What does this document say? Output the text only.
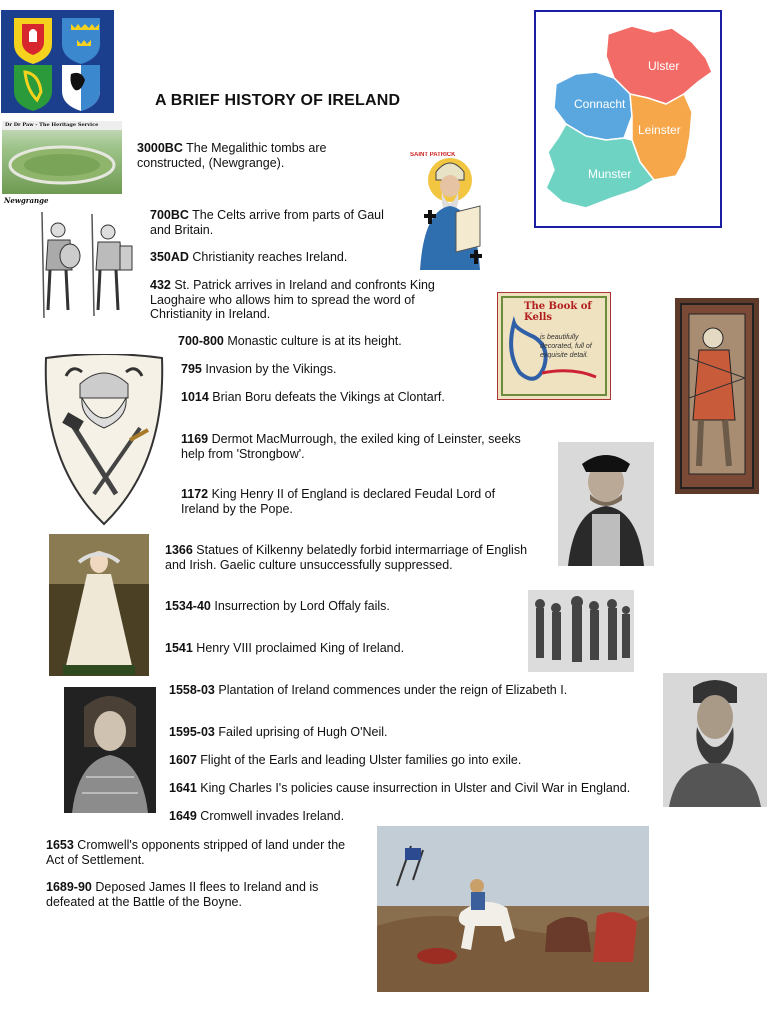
A BRIEF HISTORY OF IRELAND
Ulster
Connacht
Leinster
Munster
Dr Dr Paw - The Heritage Service
Newgrange
SAINT PATRICK
The Book of Kells
is beautifully decorated, full of exquisite detail.
3000BC The Megalithic tombs are constructed, (Newgrange).
700BC The Celts arrive from parts of Gaul and Britain.
350AD Christianity reaches Ireland.
432 St. Patrick arrives in Ireland and confronts King Laoghaire who allows him to spread the word of Christianity in Ireland.
700-800 Monastic culture is at its height.
795 Invasion by the Vikings.
1014 Brian Boru defeats the Vikings at Clontarf.
1169 Dermot MacMurrough, the exiled king of Leinster, seeks help from 'Strongbow'.
1172 King Henry II of England is declared Feudal Lord of Ireland by the Pope.
1366 Statues of Kilkenny belatedly forbid intermarriage of English and Irish. Gaelic culture unsuccessfully suppressed.
1534-40 Insurrection by Lord Offaly fails.
1541 Henry VIII proclaimed King of Ireland.
1558-03 Plantation of Ireland commences under the reign of Elizabeth I.
1595-03 Failed uprising of Hugh O'Neil.
1607 Flight of the Earls and leading Ulster families go into exile.
1641 King Charles I's policies cause insurrection in Ulster and Civil War in England.
1649 Cromwell invades Ireland.
1653 Cromwell's opponents stripped of land under the Act of Settlement.
1689-90 Deposed James II flees to Ireland and is defeated at the Battle of the Boyne.
